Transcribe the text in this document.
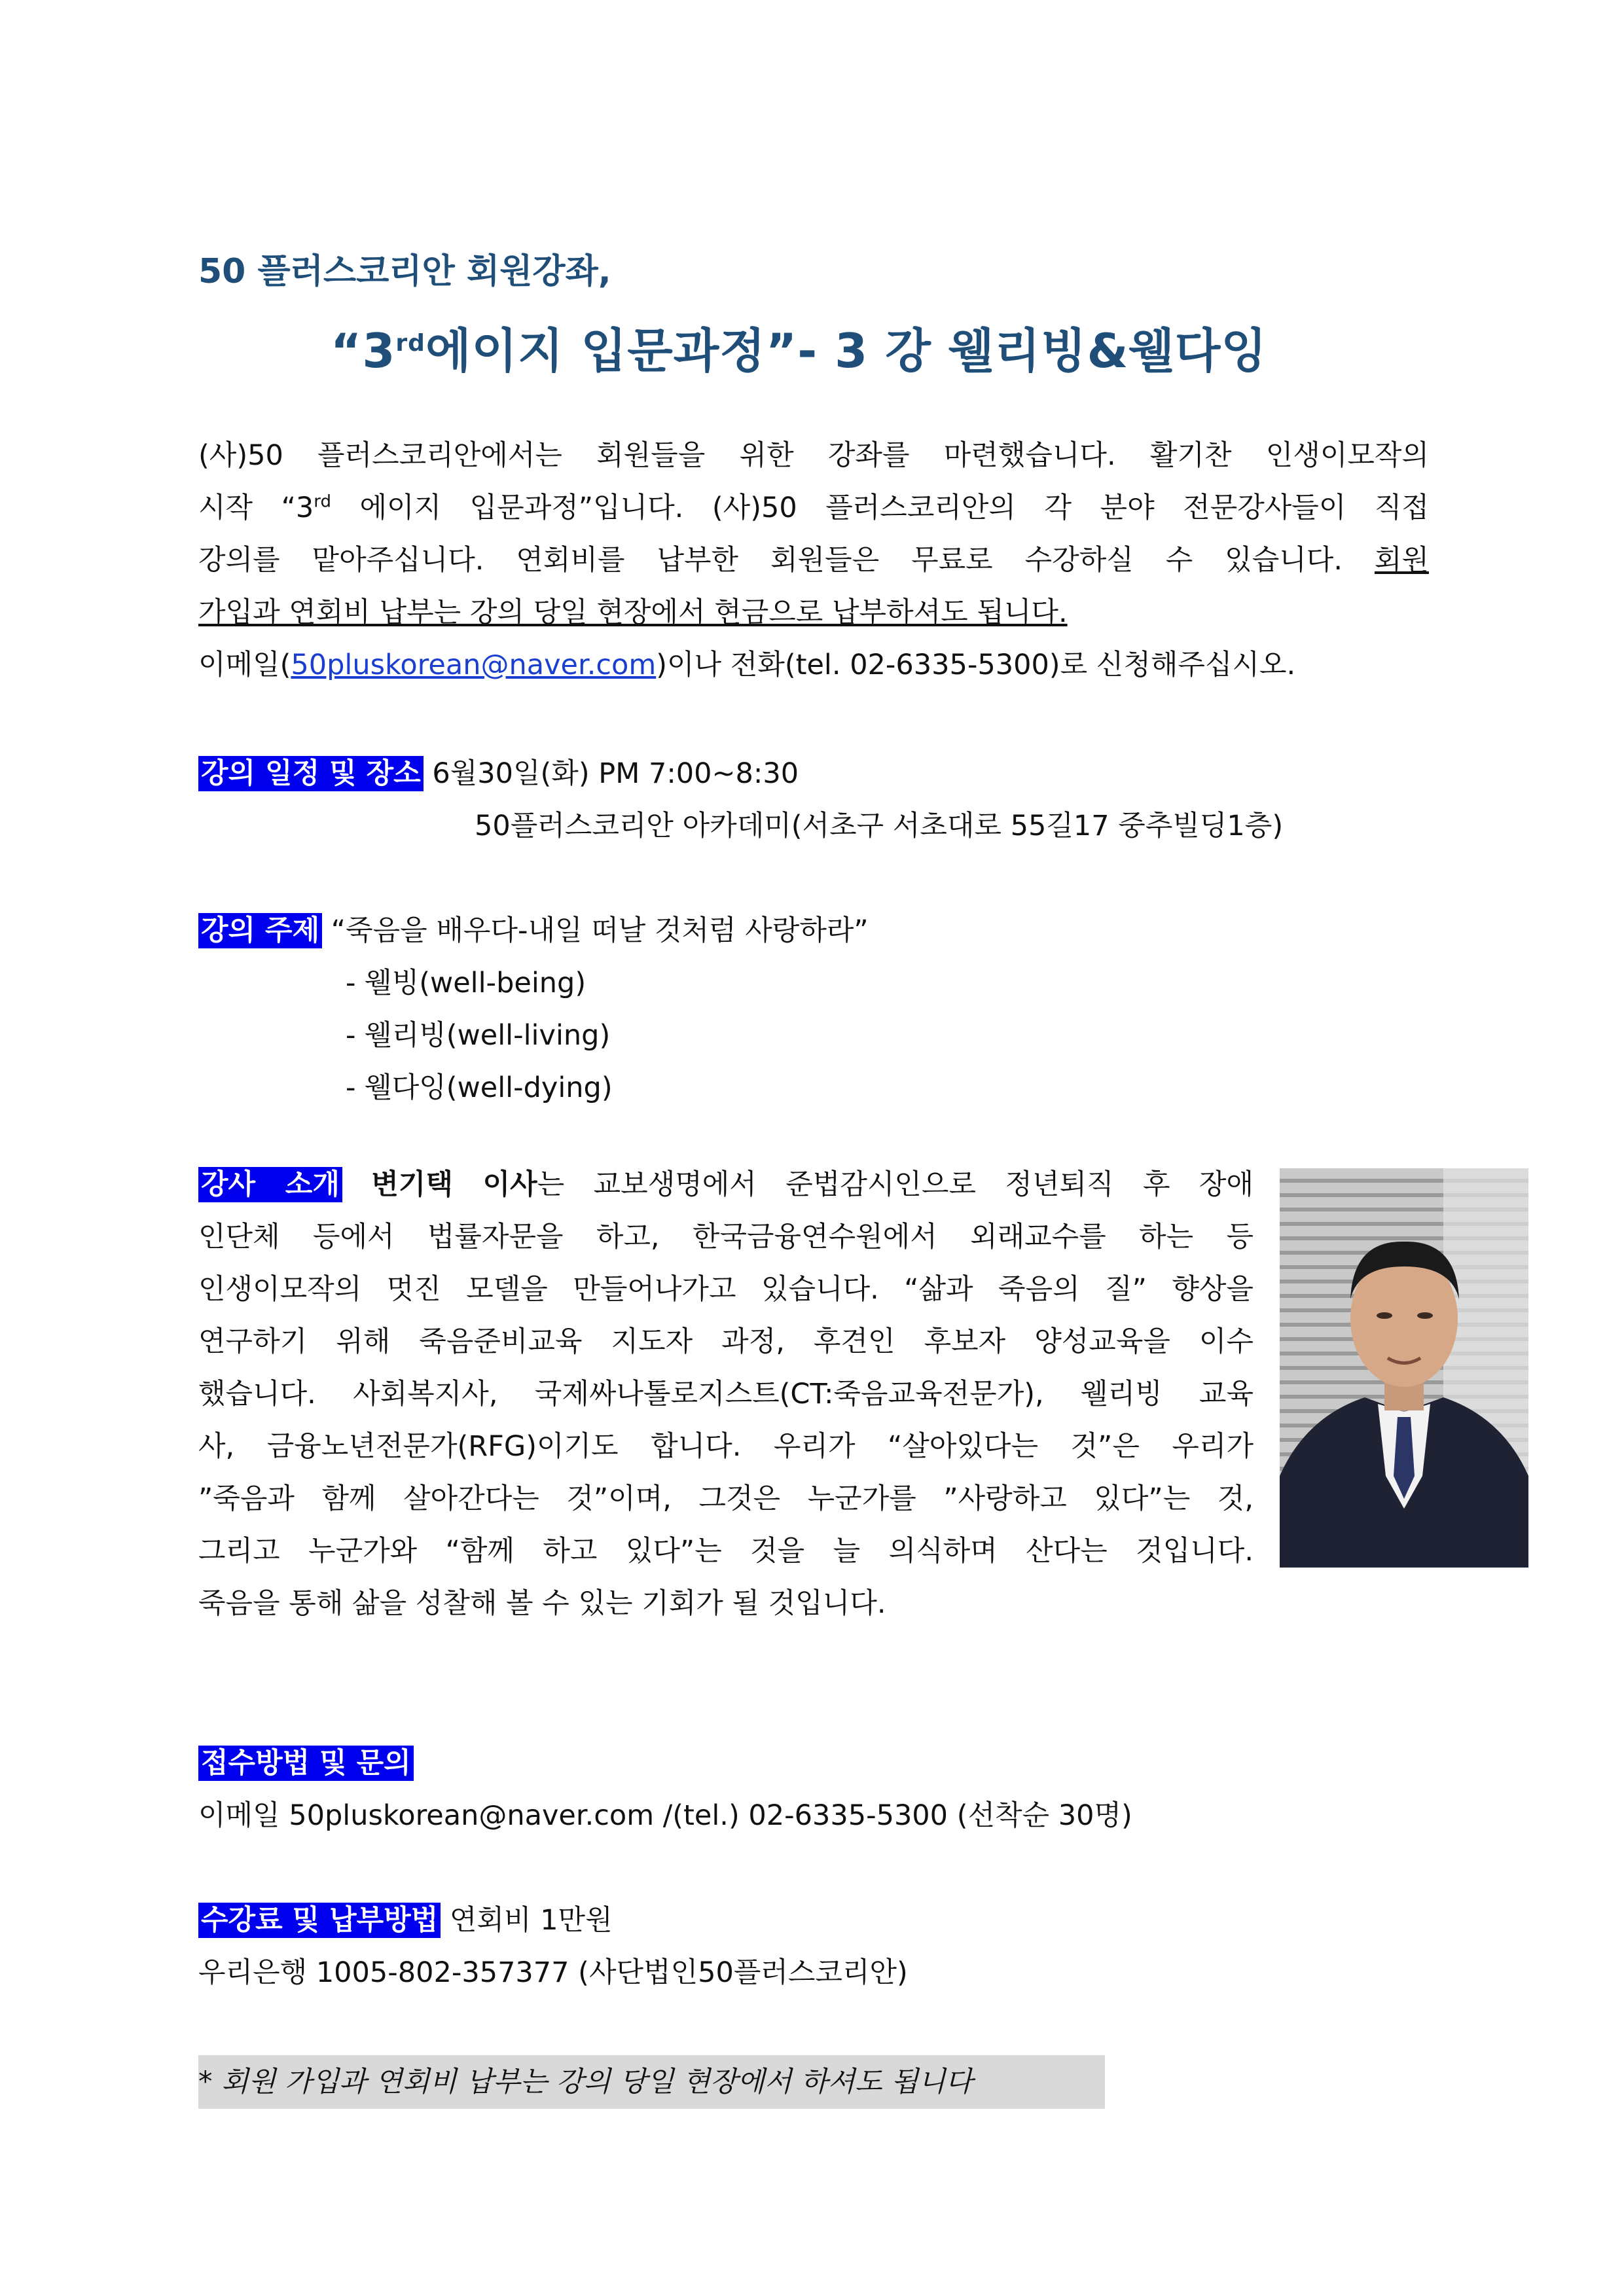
50 플러스코리안 회원강좌,
“3rd에이지 입문과정”- 3 강 웰리빙&웰다잉
(사)50 플러스코리안에서는 회원들을 위한 강좌를 마련했습니다. 활기찬 인생이모작의
시작 “3rd 에이지 입문과정”입니다. (사)50 플러스코리안의 각 분야 전문강사들이 직접
강의를 맡아주십니다. 연회비를 납부한 회원들은 무료로 수강하실 수 있습니다. 회원
가입과 연회비 납부는 강의 당일 현장에서 현금으로 납부하셔도 됩니다.
이메일(50pluskorean@naver.com)이나 전화(tel. 02-6335-5300)로 신청해주십시오.
강의 일정 및 장소 6월30일(화) PM 7:00~8:30
50플러스코리안 아카데미(서초구 서초대로 55길17 중추빌딩1층)
강의 주제 “죽음을 배우다-내일 떠날 것처럼 사랑하라”
- 웰빙(well-being)
- 웰리빙(well-living)
- 웰다잉(well-dying)
강사 소개 변기택 이사는 교보생명에서 준법감시인으로 정년퇴직 후 장애
인단체 등에서 법률자문을 하고, 한국금융연수원에서 외래교수를 하는 등
인생이모작의 멋진 모델을 만들어나가고 있습니다. “삶과 죽음의 질” 향상을
연구하기 위해 죽음준비교육 지도자 과정, 후견인 후보자 양성교육을 이수
했습니다. 사회복지사, 국제싸나톨로지스트(CT:죽음교육전문가), 웰리빙 교육
사, 금융노년전문가(RFG)이기도 합니다. 우리가 “살아있다는 것”은 우리가
”죽음과 함께 살아간다는 것”이며, 그것은 누군가를 ”사랑하고 있다”는 것,
그리고 누군가와 “함께 하고 있다”는 것을 늘 의식하며 산다는 것입니다.
죽음을 통해 삶을 성찰해 볼 수 있는 기회가 될 것입니다.
접수방법 및 문의
이메일 50pluskorean@naver.com /(tel.) 02-6335-5300 (선착순 30명)
수강료 및 납부방법 연회비 1만원
우리은행 1005-802-357377 (사단법인50플러스코리안)
* 회원 가입과 연회비 납부는 강의 당일 현장에서 하셔도 됩니다
